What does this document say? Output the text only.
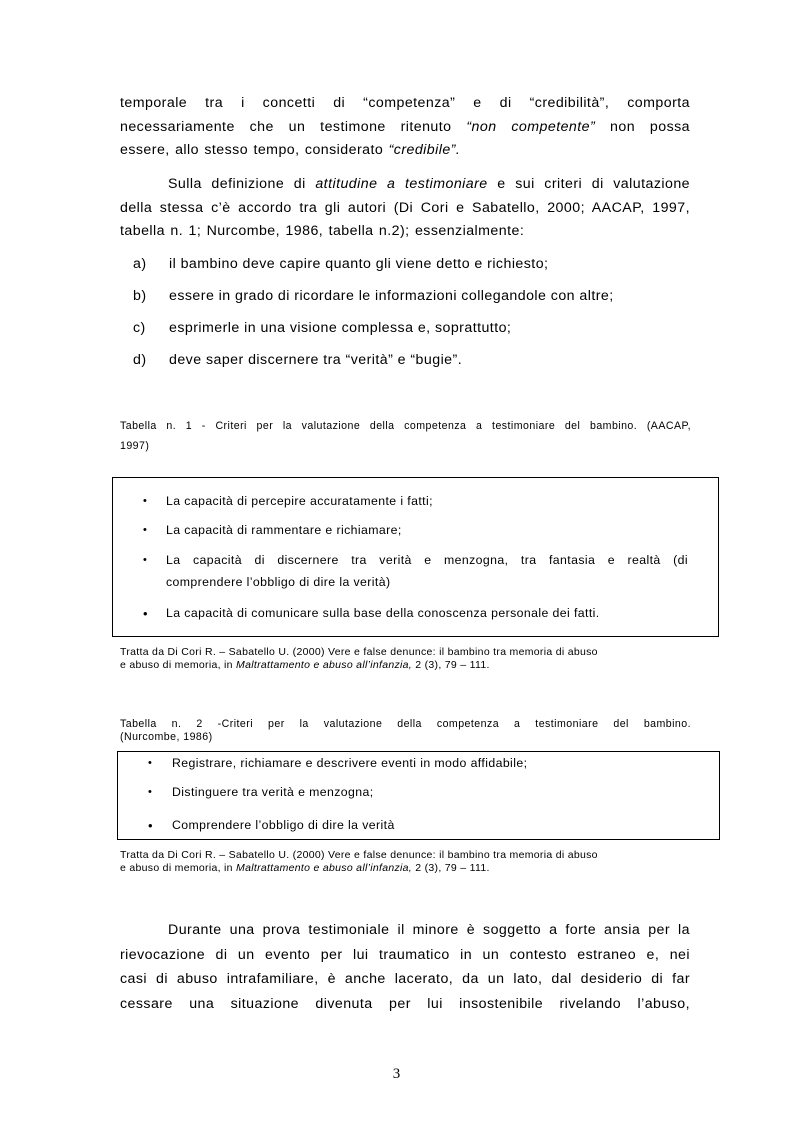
temporale tra i concetti di “competenza” e di “credibilità”, comporta
necessariamente che un testimone ritenuto “non competente” non possa
essere, allo stesso tempo, considerato “credibile”.
Sulla definizione di attitudine a testimoniare e sui criteri di valutazione
della stessa c’è accordo tra gli autori (Di Cori e Sabatello, 2000; AACAP, 1997,
tabella n. 1; Nurcombe, 1986, tabella n.2); essenzialmente:
a)	il bambino deve capire quanto gli viene detto e richiesto;
b)	essere in grado di ricordare le informazioni collegandole con altre;
c)	esprimerle in una visione complessa e, soprattutto;
d)	deve saper discernere tra “verità” e “bugie”.
Tabella n. 1 - Criteri per la valutazione della competenza a testimoniare del bambino. (AACAP,
1997)
• La capacità di percepire accuratamente i fatti;
• La capacità di rammentare e richiamare;
• La capacità di discernere tra verità e menzogna, tra fantasia e realtà (di
comprendere l’obbligo di dire la verità)
• La capacità di comunicare sulla base della conoscenza personale dei fatti.
Tratta da Di Cori R. – Sabatello U. (2000) Vere e false denunce: il bambino tra memoria di abuso
e abuso di memoria, in Maltrattamento e abuso all’infanzia, 2 (3), 79 – 111.
Tabella n. 2 -Criteri per la valutazione della competenza a testimoniare del bambino.
(Nurcombe, 1986)
• Registrare, richiamare e descrivere eventi in modo affidabile;
• Distinguere tra verità e menzogna;
• Comprendere l’obbligo di dire la verità
Tratta da Di Cori R. – Sabatello U. (2000) Vere e false denunce: il bambino tra memoria di abuso
e abuso di memoria, in Maltrattamento e abuso all’infanzia, 2 (3), 79 – 111.
Durante una prova testimoniale il minore è soggetto a forte ansia per la
rievocazione di un evento per lui traumatico in un contesto estraneo e, nei
casi di abuso intrafamiliare, è anche lacerato, da un lato, dal desiderio di far
cessare una situazione divenuta per lui insostenibile rivelando l’abuso,
3
